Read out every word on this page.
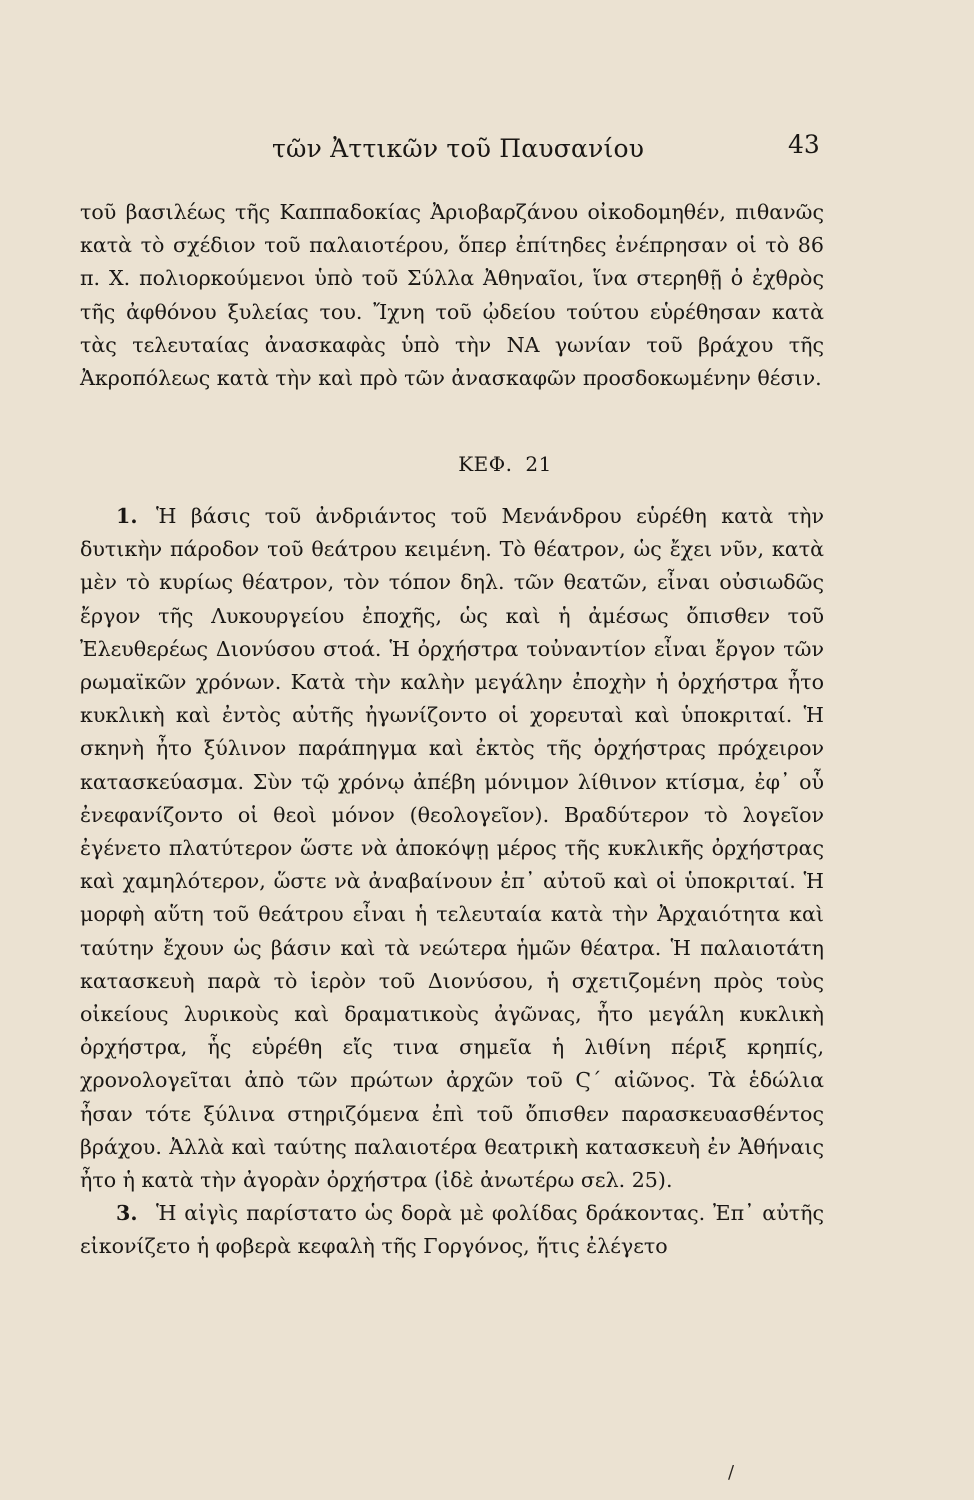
τῶν Ἀττικῶν τοῦ Παυσανίου	43

τοῦ βασιλέως τῆς Καππαδοκίας Ἀριοβαρζάνου οἰκοδομηθέν, πιθανῶς κατὰ τὸ σχέδιον τοῦ παλαιοτέρου, ὅπερ ἐπίτηδες ἐνέπρησαν οἱ τὸ 86 π. Χ. πολιορκούμενοι ὑπὸ τοῦ Σύλλα Ἀθηναῖοι, ἵνα στερηθῇ ὁ ἐχθρὸς τῆς ἀφθόνου ξυλείας του. Ἴχνη τοῦ ᾠδείου τούτου εὑρέθησαν κατὰ τὰς τελευταίας ἀνασκαφὰς ὑπὸ τὴν ΝΑ γωνίαν τοῦ βράχου τῆς Ἀκροπόλεως κατὰ τὴν καὶ πρὸ τῶν ἀνασκαφῶν προσδοκωμένην θέσιν.

ΚΕΦ. 21

1. Ἡ βάσις τοῦ ἀνδριάντος τοῦ Μενάνδρου εὑρέθη κατὰ τὴν δυτικὴν πάροδον τοῦ θεάτρου κειμένη. Τὸ θέατρον, ὡς ἔχει νῦν, κατὰ μὲν τὸ κυρίως θέατρον, τὸν τόπον δηλ. τῶν θεατῶν, εἶναι οὐσιωδῶς ἔργον τῆς Λυκουργείου ἐποχῆς, ὡς καὶ ἡ ἀμέσως ὄπισθεν τοῦ Ἐλευθερέως Διονύσου στοά. Ἡ ὀρχήστρα τοὐναντίον εἶναι ἔργον τῶν ρωμαϊκῶν χρόνων. Κατὰ τὴν καλὴν μεγάλην ἐποχὴν ἡ ὀρχήστρα ἦτο κυκλικὴ καὶ ἐντὸς αὐτῆς ἠγωνίζοντο οἱ χορευταὶ καὶ ὑποκριταί. Ἡ σκηνὴ ἦτο ξύλινον παράπηγμα καὶ ἐκτὸς τῆς ὀρχήστρας πρόχειρον κατασκεύασμα. Σὺν τῷ χρόνῳ ἀπέβη μόνιμον λίθινον κτίσμα, ἐφ᾽ οὗ ἐνεφανίζοντο οἱ θεοὶ μόνον (θεολογεῖον). Βραδύτερον τὸ λογεῖον ἐγένετο πλατύτερον ὥστε νὰ ἀποκόψῃ μέρος τῆς κυκλικῆς ὀρχήστρας καὶ χαμηλότερον, ὥστε νὰ ἀναβαίνουν ἐπ᾽ αὐτοῦ καὶ οἱ ὑποκριταί. Ἡ μορφὴ αὕτη τοῦ θεάτρου εἶναι ἡ τελευταία κατὰ τὴν Ἀρχαιότητα καὶ ταύτην ἔχουν ὡς βάσιν καὶ τὰ νεώτερα ἡμῶν θέατρα. Ἡ παλαιοτάτη κατασκευὴ παρὰ τὸ ἱερὸν τοῦ Διονύσου, ἡ σχετιζομένη πρὸς τοὺς οἰκείους λυρικοὺς καὶ δραματικοὺς ἀγῶνας, ἦτο μεγάλη κυκλικὴ ὀρχήστρα, ἧς εὑρέθη εἴς τινα σημεῖα ἡ λιθίνη πέριξ κρηπίς, χρονολογεῖται ἀπὸ τῶν πρώτων ἀρχῶν τοῦ Ϛ´ αἰῶνος. Τὰ ἑδώλια ἦσαν τότε ξύλινα στηριζόμενα ἐπὶ τοῦ ὄπισθεν παρασκευασθέντος βράχου. Ἀλλὰ καὶ ταύτης παλαιοτέρα θεατρικὴ κατασκευὴ ἐν Ἀθήναις ἦτο ἡ κατὰ τὴν ἀγορὰν ὀρχήστρα (ἰδὲ ἀνωτέρω σελ. 25).

3. Ἡ αἰγὶς παρίστατο ὡς δορὰ μὲ φολίδας δράκοντας. Ἐπ᾽ αὐτῆς εἰκονίζετο ἡ φοβερὰ κεφαλὴ τῆς Γοργόνος, ἥτις ἐλέγετο

/
